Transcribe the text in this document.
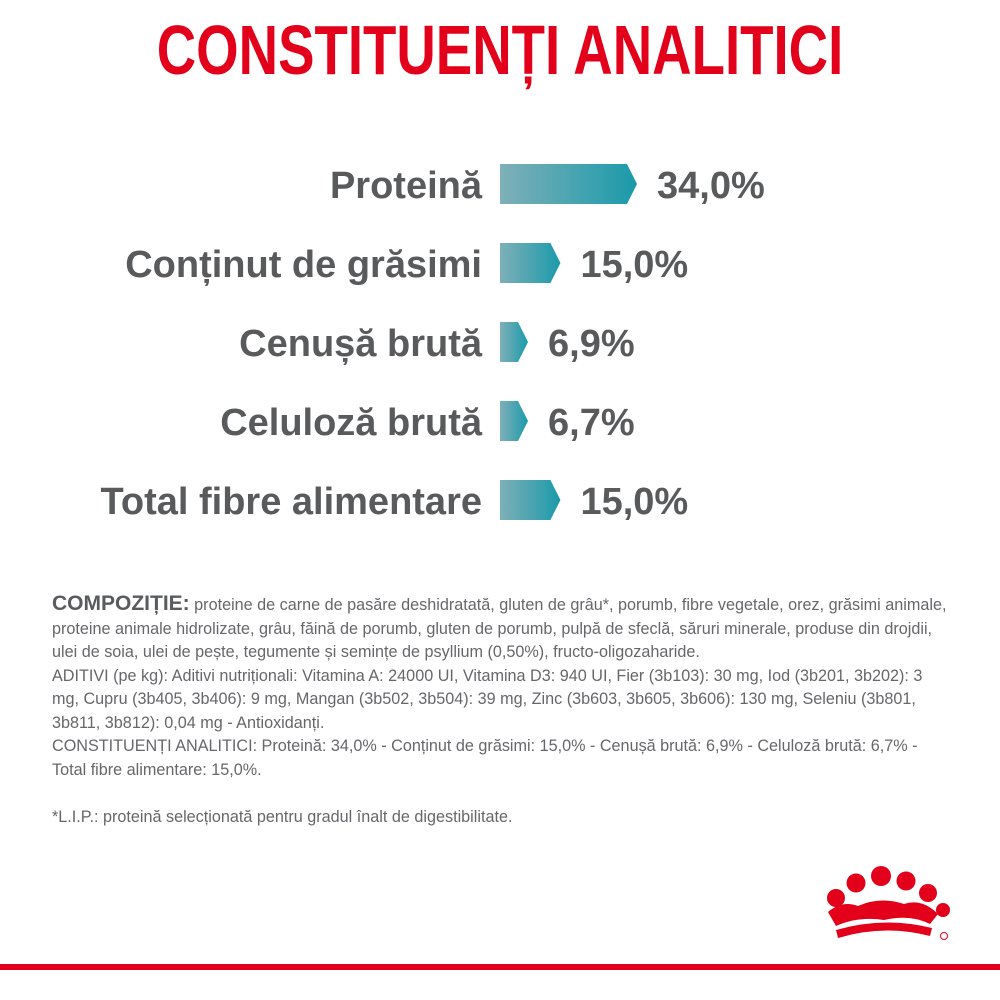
CONSTITUENȚI ANALITICI
Proteină	34,0%
Conținut de grăsimi	15,0%
Cenușă brută 6,9%
Celuloză brută 6,7%
Total fibre alimentare	15,0%

COMPOZIȚIE: proteine de carne de pasăre deshidratată, gluten de grâu*, porumb, fibre vegetale, orez, grăsimi animale, proteine animale hidrolizate, grâu, făină de porumb, gluten de porumb, pulpă de sfeclă, săruri minerale, produse din drojdii, ulei de soia, ulei de pește, tegumente și semințe de psyllium (0,50%), fructo-oligozaharide.

ADITIVI (pe kg): Aditivi nutriționali: Vitamina A: 24000 UI, Vitamina D3: 940 UI, Fier (3b103): 30 mg, Iod (3b201, 3b202): 3 mg, Cupru (3b405, 3b406): 9 mg, Mangan (3b502, 3b504): 39 mg, Zinc (3b603, 3b605, 3b606): 130 mg, Seleniu (3b801, 3b811, 3b812): 0,04 mg - Antioxidanți.

CONSTITUENȚI ANALITICI: Proteină: 34,0% - Conținut de grăsimi: 15,0% - Cenușă brută: 6,9% - Celuloză brută: 6,7% - Total fibre alimentare: 15,0%.

*L.I.P.: proteină selecționată pentru gradul înalt de digestibilitate.
